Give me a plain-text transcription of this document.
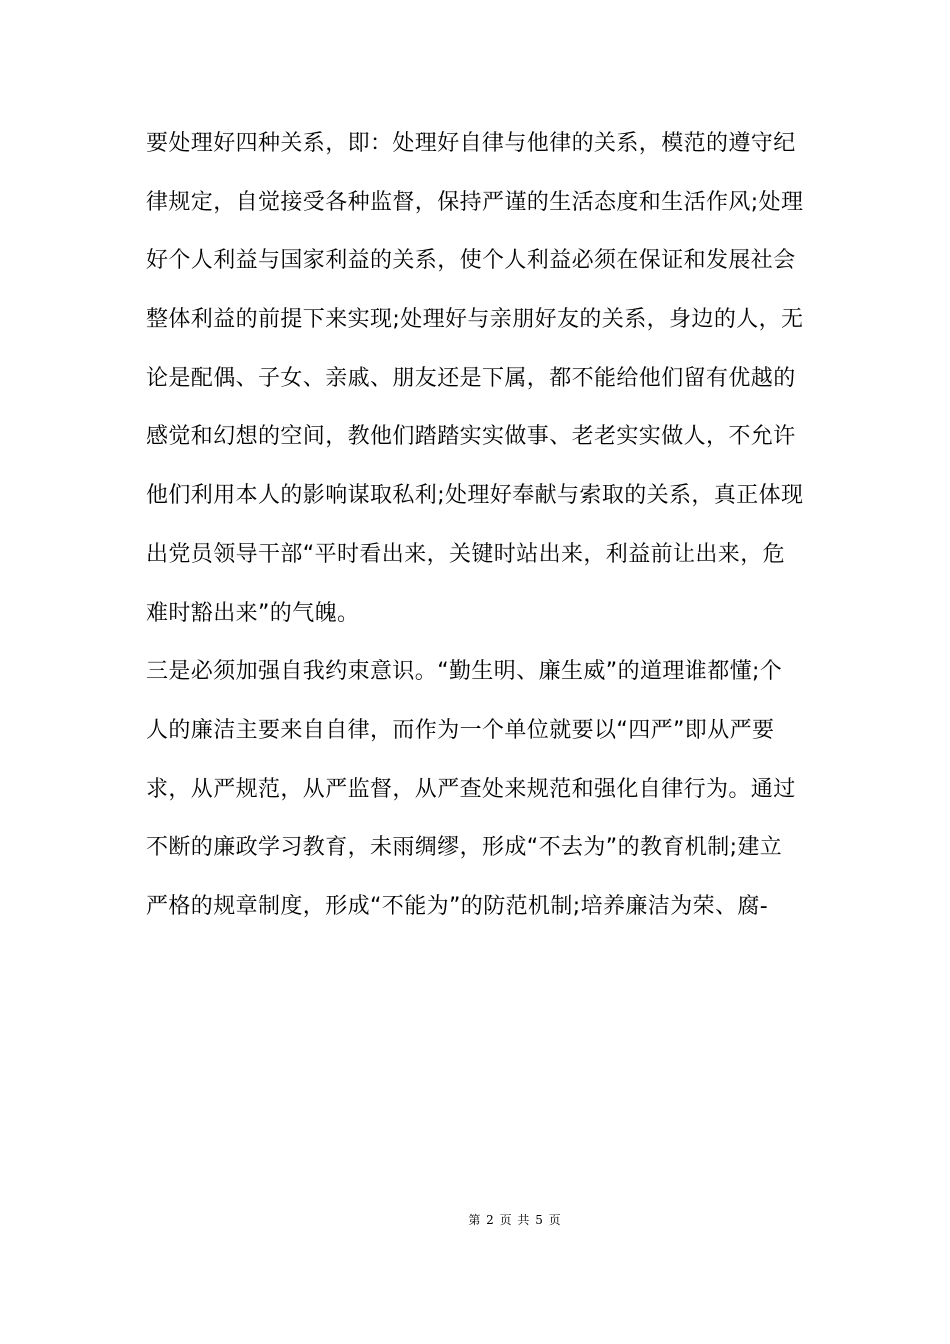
要处理好四种关系，即：处理好自律与他律的关系，模范的遵守纪
律规定，自觉接受各种监督，保持严谨的生活态度和生活作风;处理
好个人利益与国家利益的关系，使个人利益必须在保证和发展社会
整体利益的前提下来实现;处理好与亲朋好友的关系，身边的人，无
论是配偶、子女、亲戚、朋友还是下属，都不能给他们留有优越的
感觉和幻想的空间，教他们踏踏实实做事、老老实实做人，不允许
他们利用本人的影响谋取私利;处理好奉献与索取的关系，真正体现
出党员领导干部“平时看出来，关键时站出来，利益前让出来，危
难时豁出来”的气魄。
三是必须加强自我约束意识。“勤生明、廉生威”的道理谁都懂;个
人的廉洁主要来自自律，而作为一个单位就要以“四严”即从严要
求，从严规范，从严监督，从严查处来规范和强化自律行为。通过
不断的廉政学习教育，未雨绸缪，形成“不去为”的教育机制;建立
严格的规章制度，形成“不能为”的防范机制;培养廉洁为荣、腐-
第 2 页 共 5 页
